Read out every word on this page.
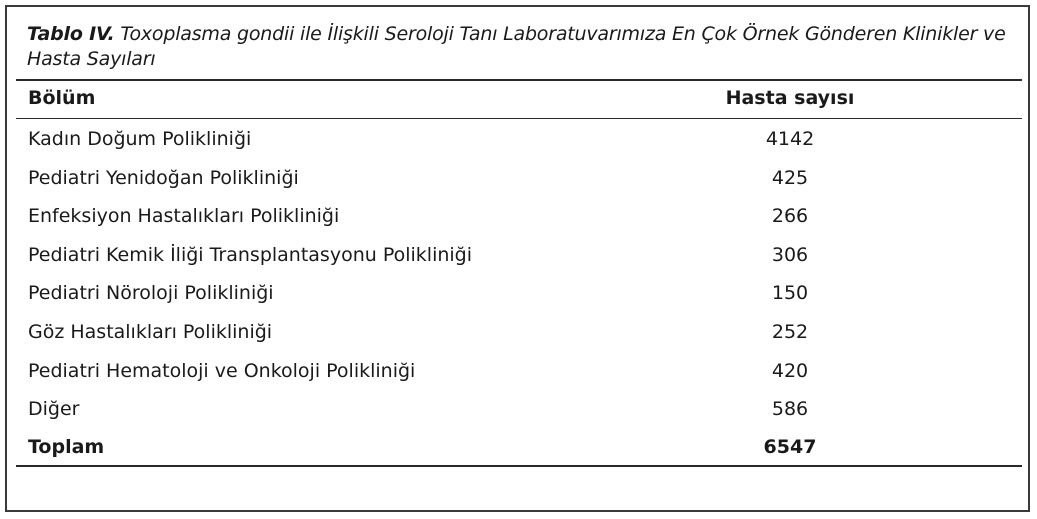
Tablo IV. Toxoplasma gondii ile İlişkili Seroloji Tanı Laboratuvarımıza En Çok Örnek Gönderen Klinikler ve Hasta Sayıları
Bölüm	Hasta sayısı
Kadın Doğum Polikliniği	4142
Pediatri Yenidoğan Polikliniği	425
Enfeksiyon Hastalıkları Polikliniği	266
Pediatri Kemik İliği Transplantasyonu Polikliniği	306
Pediatri Nöroloji Polikliniği	150
Göz Hastalıkları Polikliniği	252
Pediatri Hematoloji ve Onkoloji Polikliniği	420
Diğer	586
Toplam	6547
